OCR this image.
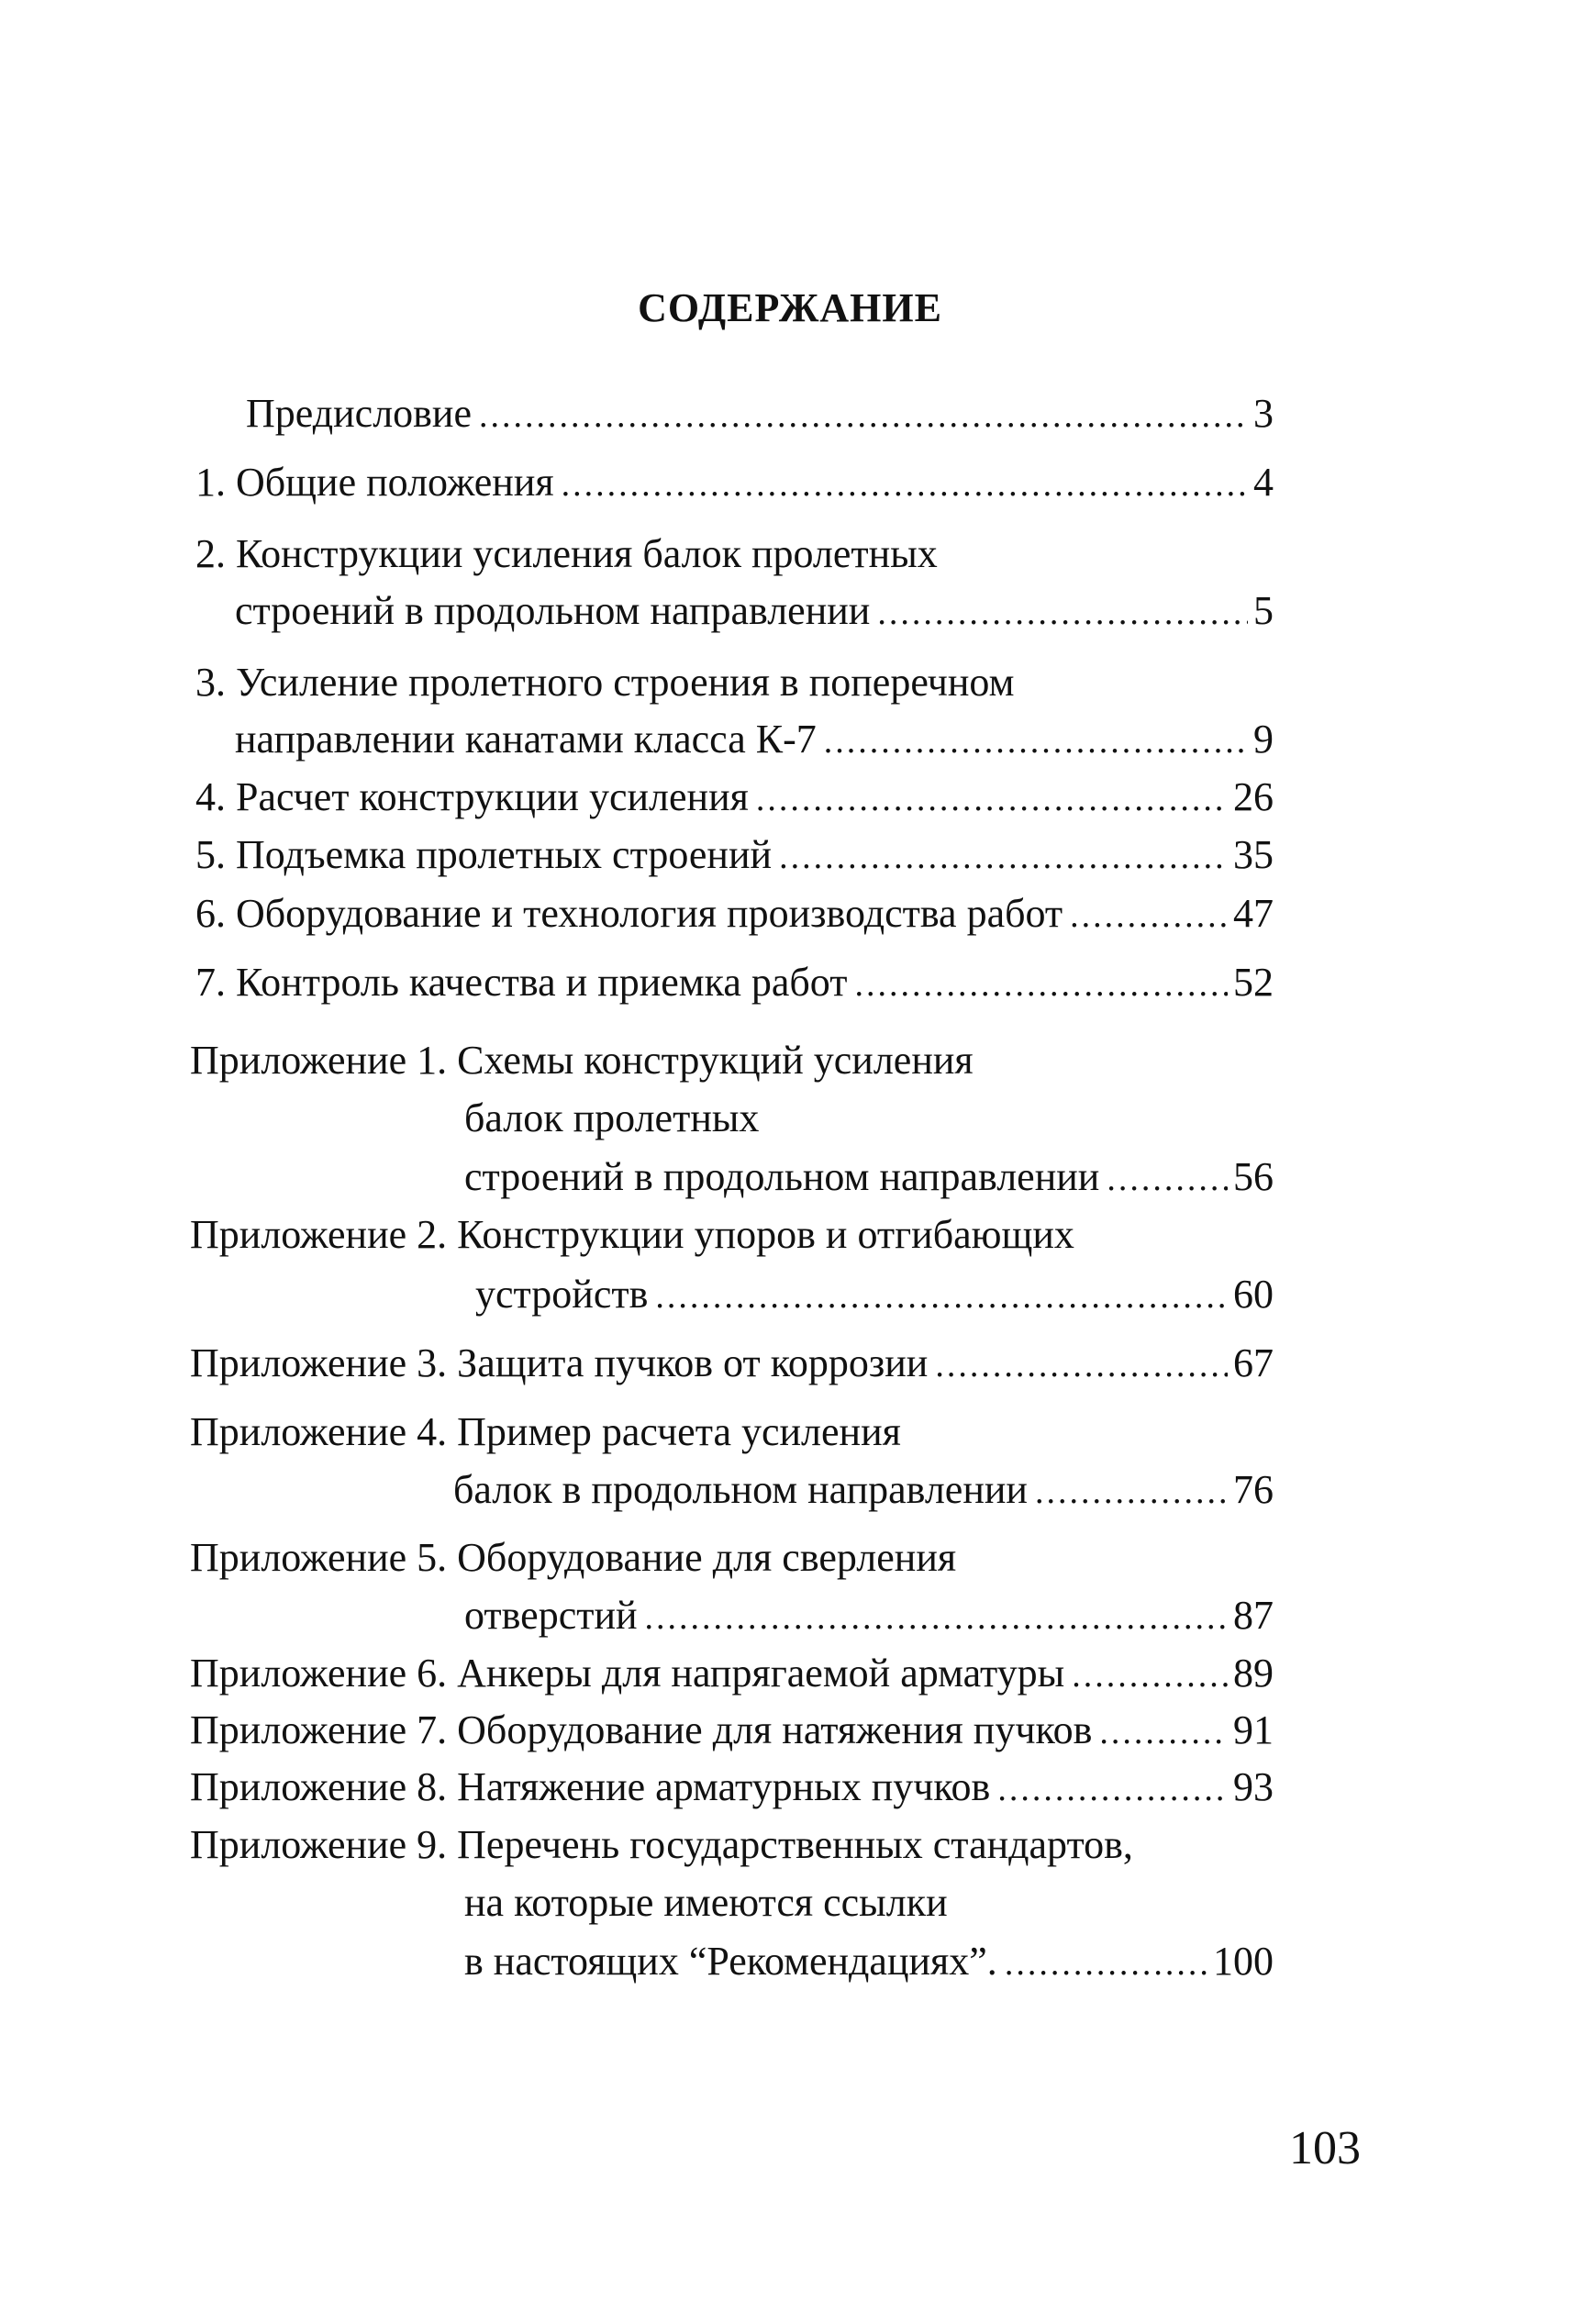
СОДЕРЖАНИЕ
Предисловие .....	3
1. Общие положения .....	4
2. Конструкции усиления балок пролетных
строений в продольном направлении .....	5
3. Усиление пролетного строения в поперечном
направлении канатами класса К-7 .....	9
4. Расчет конструкции усиления .....	26
5. Подъемка пролетных строений .....	35
6. Оборудование и технология производства работ .....	47
7. Контроль качества и приемка работ .....	52
Приложение 1. Схемы конструкций усиления
балок пролетных
строений в продольном направлении .....	56
Приложение 2. Конструкции упоров и отгибающих
устройств .....	60
Приложение 3. Защита пучков от коррозии .....	67
Приложение 4. Пример расчета усиления
балок в продольном направлении .....	76
Приложение 5. Оборудование для сверления
отверстий .....	87
Приложение 6. Анкеры для напрягаемой арматуры .....	89
Приложение 7. Оборудование для натяжения пучков .....	91
Приложение 8. Натяжение арматурных пучков .....	93
Приложение 9. Перечень государственных стандартов,
на которые имеются ссылки
в настоящих “Рекомендациях”. .....	100
103
